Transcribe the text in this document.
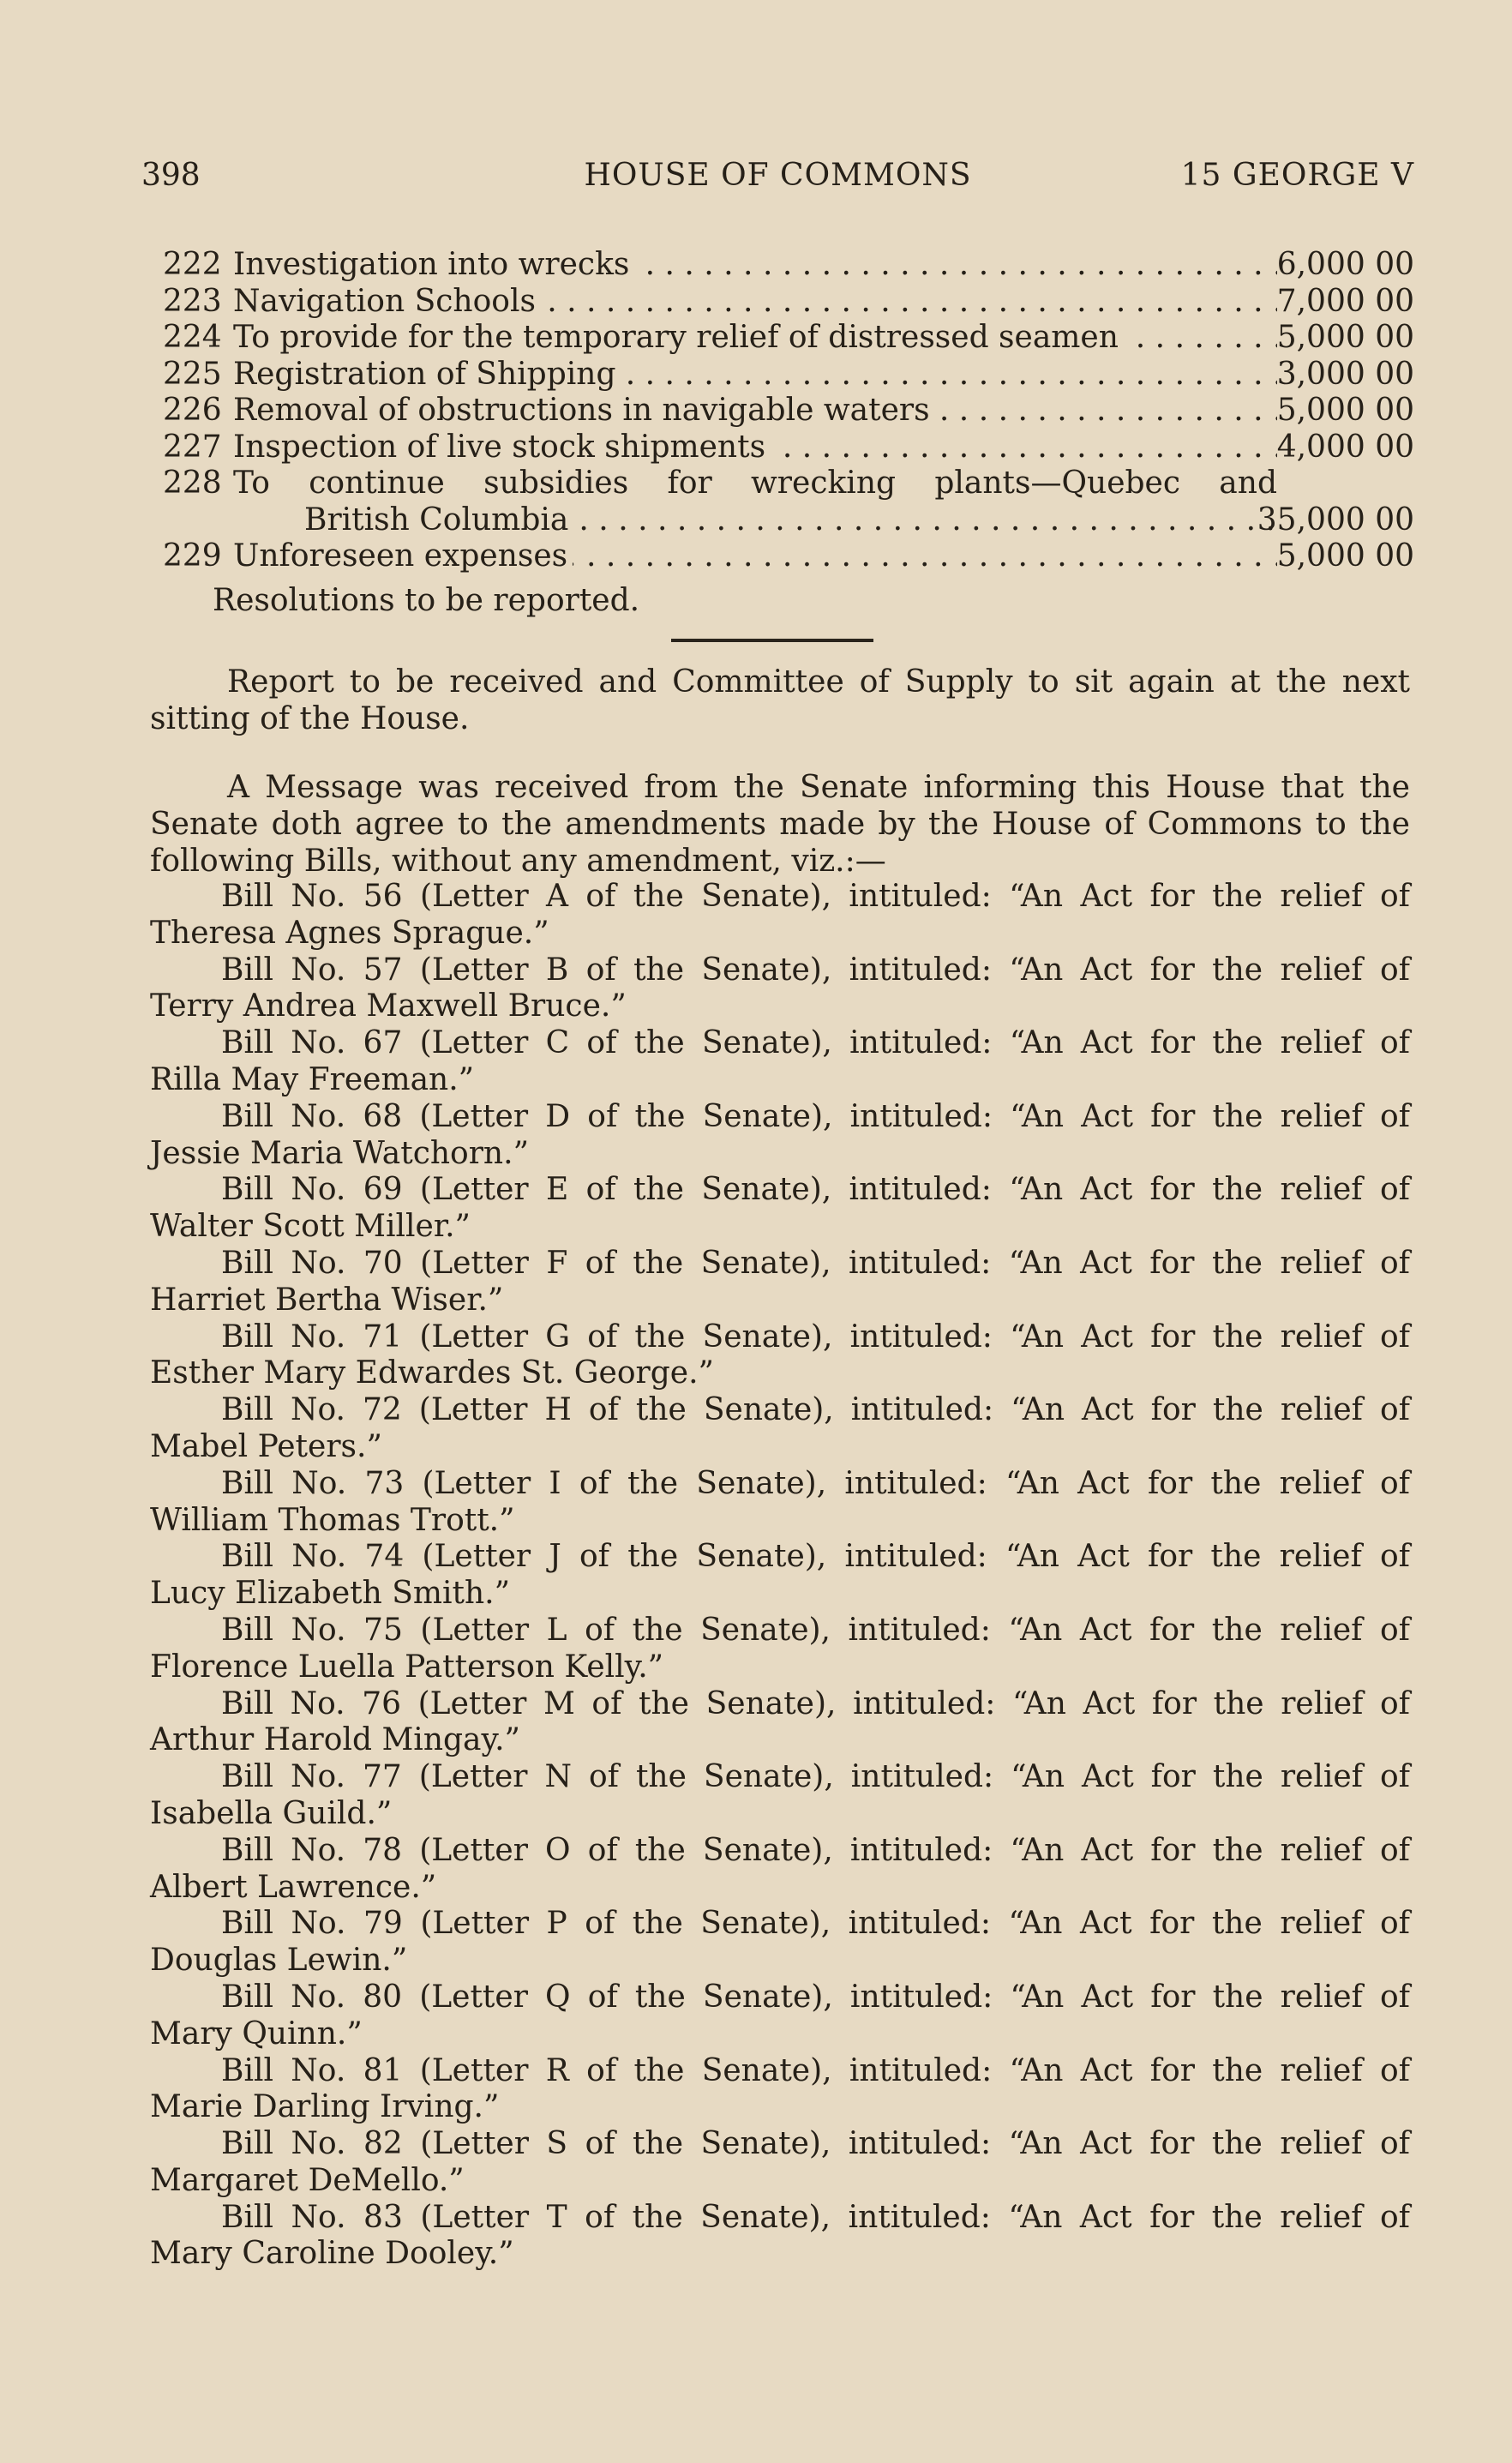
398	HOUSE OF COMMONS	15 GEORGE V
222 Investigation into wrecks . . .	6,000 00
223 Navigation Schools . . .	7,000 00
224 To provide for the temporary relief of distressed seamen . . .	5,000 00
225 Registration of Shipping . . .	3,000 00
226 Removal of obstructions in navigable waters . . .	5,000 00
227 Inspection of live stock shipments . . .	4,000 00
228 To continue subsidies for wrecking plants—Quebec and
British Columbia . . .	35,000 00
229 Unforeseen expenses . . .	5,000 00
Resolutions to be reported.

Report to be received and Committee of Supply to sit again at the next sitting of the House.

A Message was received from the Senate informing this House that the Senate doth agree to the amendments made by the House of Commons to the following Bills, without any amendment, viz.:—

Bill No. 56 (Letter A of the Senate), intituled: “An Act for the relief of
Theresa Agnes Sprague.”

Bill No. 57 (Letter B of the Senate), intituled: “An Act for the relief of
Terry Andrea Maxwell Bruce.”

Bill No. 67 (Letter C of the Senate), intituled: “An Act for the relief of
Rilla May Freeman.”

Bill No. 68 (Letter D of the Senate), intituled: “An Act for the relief of
Jessie Maria Watchorn.”

Bill No. 69 (Letter E of the Senate), intituled: “An Act for the relief of
Walter Scott Miller.”

Bill No. 70 (Letter F of the Senate), intituled: “An Act for the relief of
Harriet Bertha Wiser.”

Bill No. 71 (Letter G of the Senate), intituled: “An Act for the relief of
Esther Mary Edwardes St. George.”

Bill No. 72 (Letter H of the Senate), intituled: “An Act for the relief of
Mabel Peters.”

Bill No. 73 (Letter I of the Senate), intituled: “An Act for the relief of
William Thomas Trott.”

Bill No. 74 (Letter J of the Senate), intituled: “An Act for the relief of
Lucy Elizabeth Smith.”

Bill No. 75 (Letter L of the Senate), intituled: “An Act for the relief of
Florence Luella Patterson Kelly.”

Bill No. 76 (Letter M of the Senate), intituled: “An Act for the relief of
Arthur Harold Mingay.”

Bill No. 77 (Letter N of the Senate), intituled: “An Act for the relief of
Isabella Guild.”

Bill No. 78 (Letter O of the Senate), intituled: “An Act for the relief of
Albert Lawrence.”

Bill No. 79 (Letter P of the Senate), intituled: “An Act for the relief of
Douglas Lewin.”

Bill No. 80 (Letter Q of the Senate), intituled: “An Act for the relief of
Mary Quinn.”

Bill No. 81 (Letter R of the Senate), intituled: “An Act for the relief of
Marie Darling Irving.”

Bill No. 82 (Letter S of the Senate), intituled: “An Act for the relief of
Margaret DeMello.”

Bill No. 83 (Letter T of the Senate), intituled: “An Act for the relief of
Mary Caroline Dooley.”
